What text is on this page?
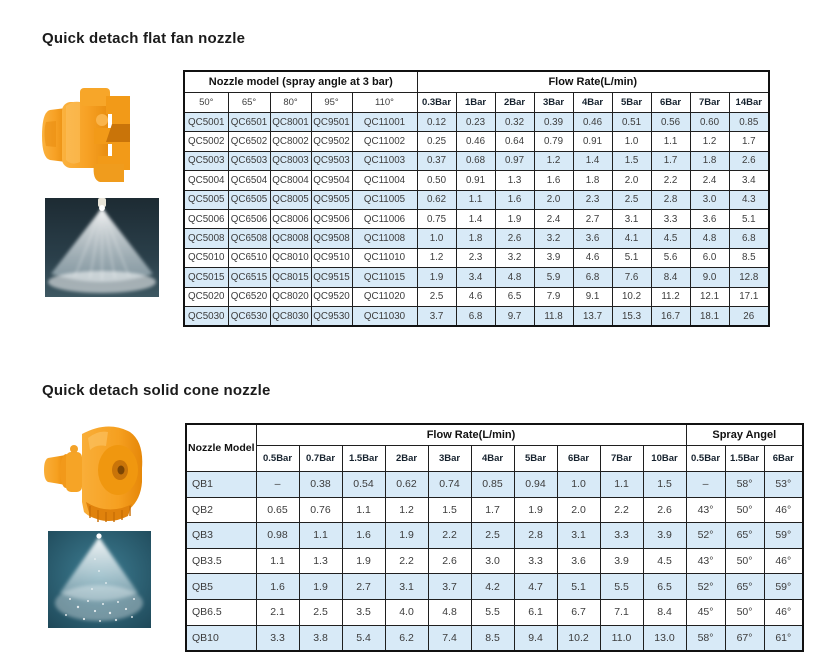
Quick detach flat fan nozzle
Nozzle model (spray angle at 3 bar)					Flow Rate(L/min)								
50°	65°	80°	95°	110°	0.3Bar	1Bar	2Bar	3Bar	4Bar	5Bar	6Bar	7Bar	14Bar
QC5001	QC6501	QC8001	QC9501	QC11001	0.12	0.23	0.32	0.39	0.46	0.51	0.56	0.60	0.85
QC5002	QC6502	QC8002	QC9502	QC11002	0.25	0.46	0.64	0.79	0.91	1.0	1.1	1.2	1.7
QC5003	QC6503	QC8003	QC9503	QC11003	0.37	0.68	0.97	1.2	1.4	1.5	1.7	1.8	2.6
QC5004	QC6504	QC8004	QC9504	QC11004	0.50	0.91	1.3	1.6	1.8	2.0	2.2	2.4	3.4
QC5005	QC6505	QC8005	QC9505	QC11005	0.62	1.1	1.6	2.0	2.3	2.5	2.8	3.0	4.3
QC5006	QC6506	QC8006	QC9506	QC11006	0.75	1.4	1.9	2.4	2.7	3.1	3.3	3.6	5.1
QC5008	QC6508	QC8008	QC9508	QC11008	1.0	1.8	2.6	3.2	3.6	4.1	4.5	4.8	6.8
QC5010	QC6510	QC8010	QC9510	QC11010	1.2	2.3	3.2	3.9	4.6	5.1	5.6	6.0	8.5
QC5015	QC6515	QC8015	QC9515	QC11015	1.9	3.4	4.8	5.9	6.8	7.6	8.4	9.0	12.8
QC5020	QC6520	QC8020	QC9520	QC11020	2.5	4.6	6.5	7.9	9.1	10.2	11.2	12.1	17.1
QC5030	QC6530	QC8030	QC9530	QC11030	3.7	6.8	9.7	11.8	13.7	15.3	16.7	18.1	26
Quick detach solid cone nozzle
Nozzle Model	Flow Rate(L/min)										Spray Angel		
	0.5Bar	0.7Bar	1.5Bar	2Bar	3Bar	4Bar	5Bar	6Bar	7Bar	10Bar	0.5Bar	1.5Bar	6Bar
QB1	–	0.38	0.54	0.62	0.74	0.85	0.94	1.0	1.1	1.5	–	58°	53°
QB2	0.65	0.76	1.1	1.2	1.5	1.7	1.9	2.0	2.2	2.6	43°	50°	46°
QB3	0.98	1.1	1.6	1.9	2.2	2.5	2.8	3.1	3.3	3.9	52°	65°	59°
QB3.5	1.1	1.3	1.9	2.2	2.6	3.0	3.3	3.6	3.9	4.5	43°	50°	46°
QB5	1.6	1.9	2.7	3.1	3.7	4.2	4.7	5.1	5.5	6.5	52°	65°	59°
QB6.5	2.1	2.5	3.5	4.0	4.8	5.5	6.1	6.7	7.1	8.4	45°	50°	46°
QB10	3.3	3.8	5.4	6.2	7.4	8.5	9.4	10.2	11.0	13.0	58°	67°	61°
